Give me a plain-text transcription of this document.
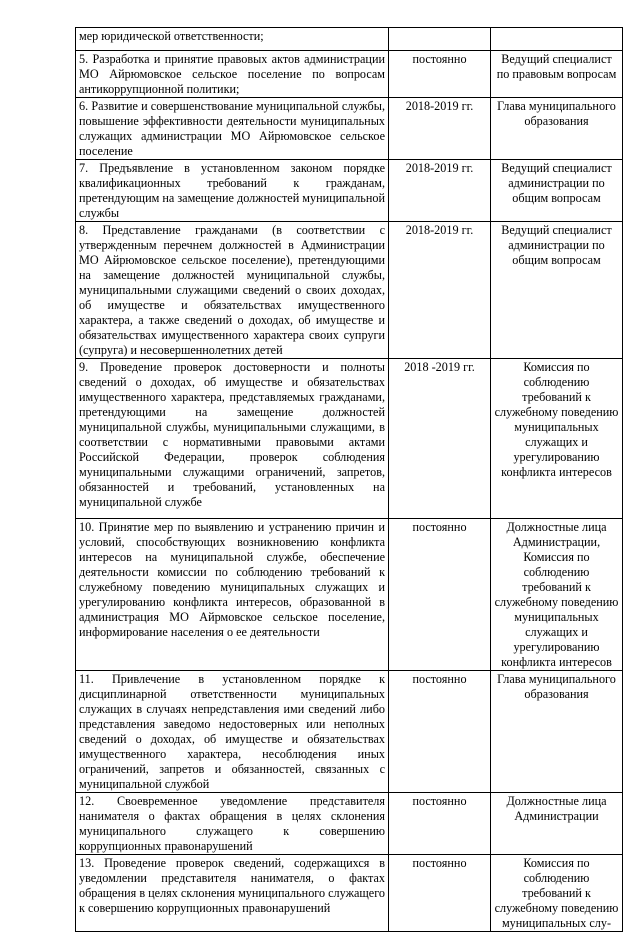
мер юридической ответственности;		
5. Разработка и принятие правовых актов администрации МО Айрюмовское сельское поселение по вопросам антикоррупционной политики;	постоянно	Ведущий специалист по правовым вопросам
6. Развитие и совершенствование муниципальной службы, повышение эффективности деятельности муниципальных служащих администрации МО Айрюмовское сельское поселение	2018-2019 гг.	Глава муниципального образования
7. Предъявление в установленном законом порядке квалификационных требований к гражданам, претендующим на замещение должностей муниципальной службы	2018-2019 гг.	Ведущий специалист администрации по общим вопросам
8. Представление гражданами (в соответствии с утвержденным перечнем должностей в Администрации МО Айрюмовское сельское поселение), претендующими на замещение должностей муниципальной службы, муниципальными служащими сведений о своих доходах, об имуществе и обязательствах имущественного характера, а также сведений о доходах, об имуществе и обязательствах имущественного характера своих супруги (супруга) и несовершеннолетних детей	2018-2019 гг.	Ведущий специалист администрации по общим вопросам
9. Проведение проверок достоверности и полноты сведений о доходах, об имуществе и обязательствах имущественного характера, представляемых гражданами, претендующими на замещение должностей муниципальной службы, муниципальными служащими, в соответствии с нормативными правовыми актами Российской Федерации, проверок соблюдения муниципальными служащими ограничений, запретов, обязанностей и требований, установленных на муниципальной службе	2018 -2019 гг.	Комиссия по соблюдению требований к служебному поведению муниципальных служащих и урегулированию конфликта интересов
10. Принятие мер по выявлению и устранению причин и условий, способствующих возникновению конфликта интересов на муниципальной службе, обеспечение деятельности комиссии по соблюдению требований к служебному поведению муниципальных служащих и урегулированию конфликта интересов, образованной в администрация МО Айрмовское сельское поселение, информирование населения о ее деятельности	постоянно	Должностные лица Администрации, Комиссия по соблюдению требований к служебному поведению муниципальных служащих и урегулированию конфликта интересов
11. Привлечение в установленном порядке к дисциплинарной ответственности муниципальных служащих в случаях непредставления ими сведений либо представления заведомо недостоверных или неполных сведений о доходах, об имуществе и обязательствах имущественного характера, несоблюдения иных ограничений, запретов и обязанностей, связанных с муниципальной службой	постоянно	Глава муниципального образования
12. Своевременное уведомление представителя нанимателя о фактах обращения в целях склонения муниципального служащего к совершению коррупционных правонарушений	постоянно	Должностные лица Администрации
13. Проведение проверок сведений, содержащихся в уведомлении представителя нанимателя, о фактах обращения в целях склонения муниципального служащего к совершению коррупционных правонарушений	постоянно	Комиссия по соблюдению требований к служебному поведению муниципальных слу-
